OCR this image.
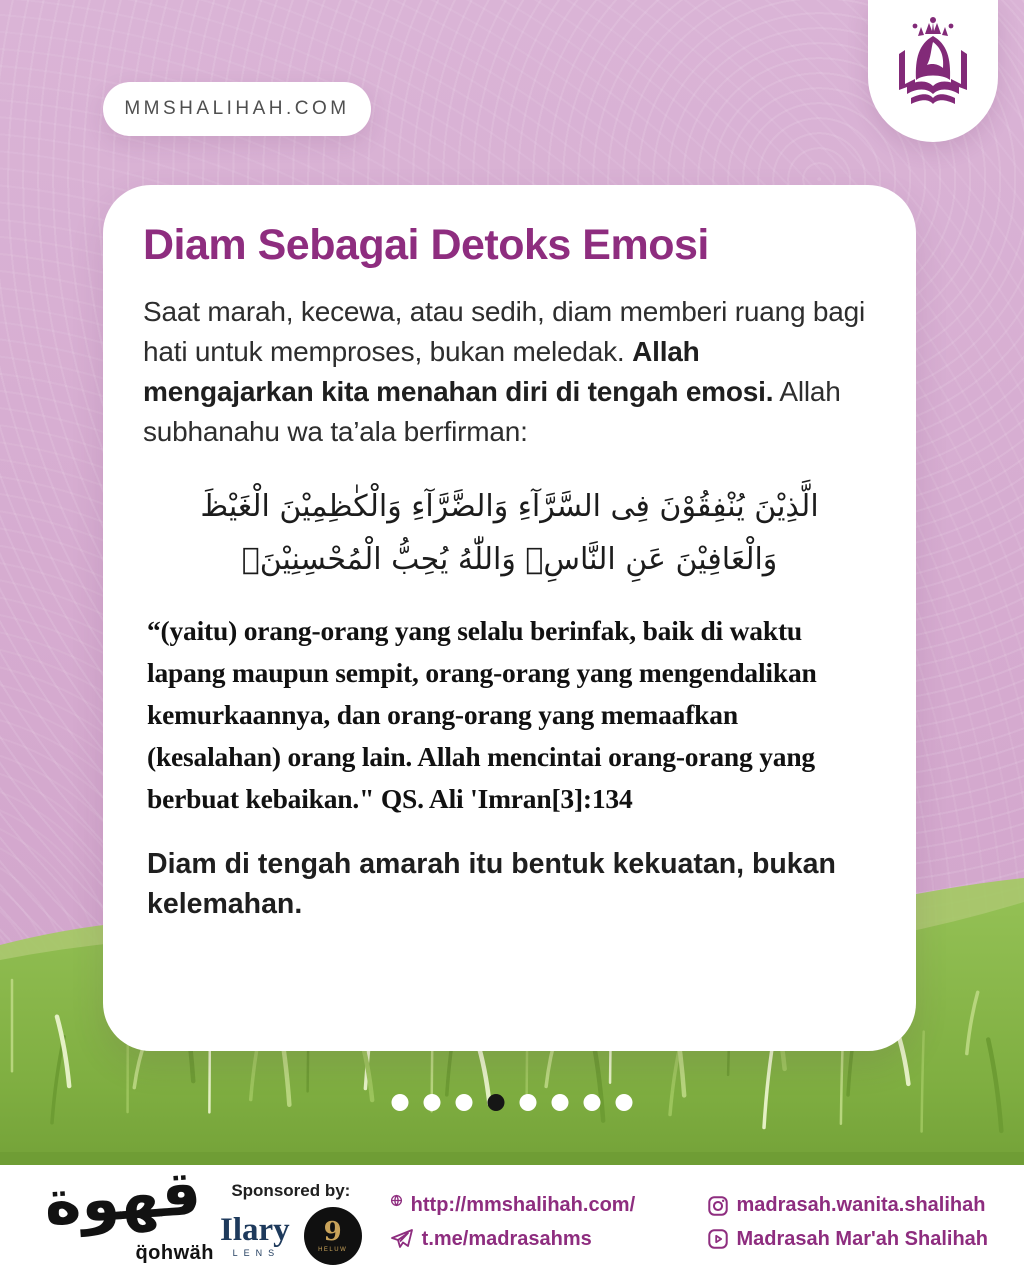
MMSHALIHAH.COM
Diam Sebagai Detoks Emosi
Saat marah, kecewa, atau sedih, diam memberi ruang bagi hati untuk memproses, bukan meledak. Allah mengajarkan kita menahan diri di tengah emosi. Allah subhanahu wa ta’ala berfirman:
الَّذِيْنَ يُنْفِقُوْنَ فِى السَّرَّآءِ وَالضَّرَّآءِ وَالْكٰظِمِيْنَ الْغَيْظَ
وَالْعَافِيْنَ عَنِ النَّاسِۗ وَاللّٰهُ يُحِبُّ الْمُحْسِنِيْنَۚ
“(yaitu) orang-orang yang selalu berinfak, baik di waktu lapang maupun sempit, orang-orang yang mengendalikan kemurkaannya, dan orang-orang yang memaafkan (kesalahan) orang lain. Allah mencintai orang-orang yang berbuat kebaikan." QS. Ali 'Imran[3]:134
Diam di tengah amarah itu bentuk kekuatan, bukan kelemahan.
قهوة
q̈ohwäh
Sponsored by:
Ilary
LENS
9
HELUW
http://mmshalihah.com/
t.me/madrasahms
madrasah.wanita.shalihah
Madrasah Mar'ah Shalihah
